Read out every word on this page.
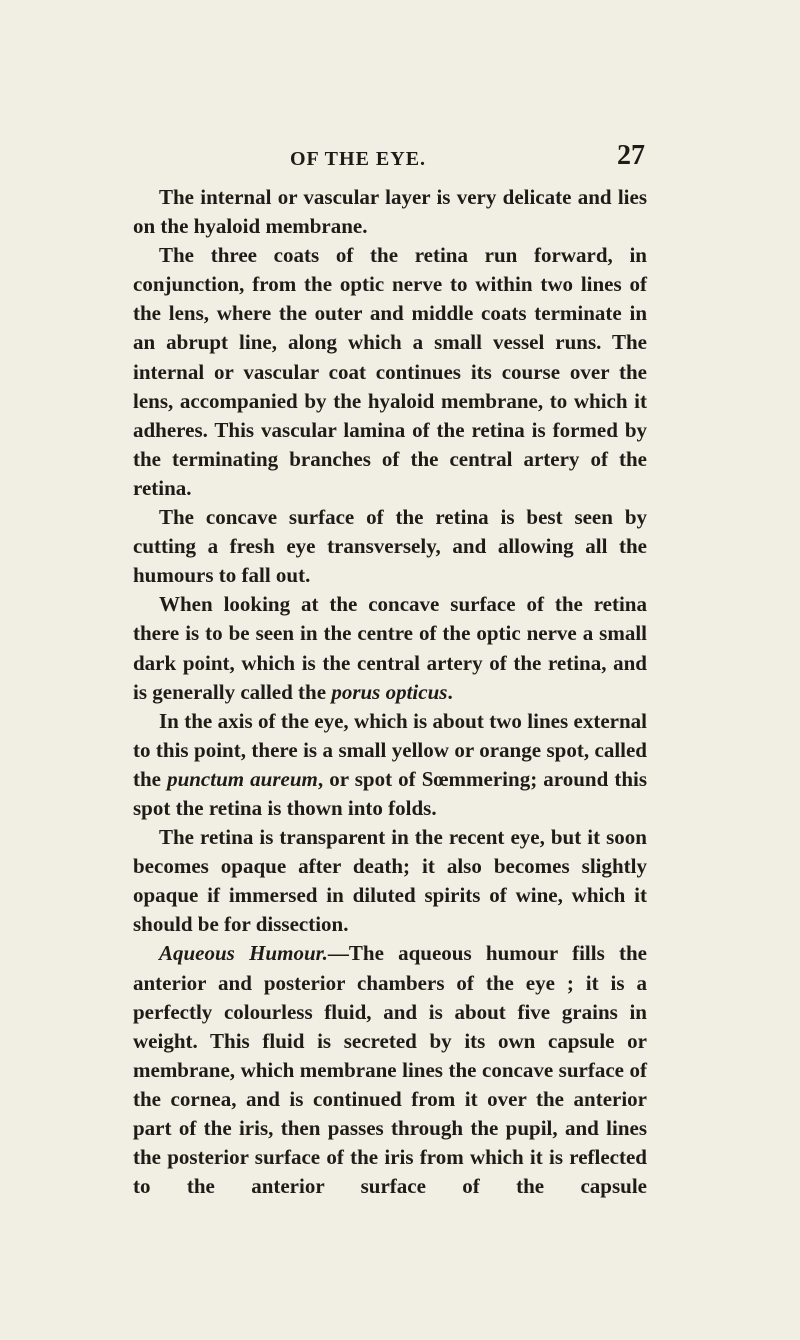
OF THE EYE.	27

The internal or vascular layer is very delicate and lies on the hyaloid membrane.

The three coats of the retina run forward, in conjunction, from the optic nerve to within two lines of the lens, where the outer and middle coats terminate in an abrupt line, along which a small vessel runs. The internal or vascular coat continues its course over the lens, accompanied by the hyaloid membrane, to which it adheres. This vascular lamina of the retina is formed by the terminating branches of the central artery of the retina.

The concave surface of the retina is best seen by cutting a fresh eye transversely, and allowing all the humours to fall out.

When looking at the concave surface of the retina there is to be seen in the centre of the optic nerve a small dark point, which is the central artery of the retina, and is generally called the porus opticus.

In the axis of the eye, which is about two lines external to this point, there is a small yellow or orange spot, called the punctum aureum, or spot of Sœmmering; around this spot the retina is thown into folds.

The retina is transparent in the recent eye, but it soon becomes opaque after death; it also becomes slightly opaque if immersed in diluted spirits of wine, which it should be for dissection.

Aqueous Humour.—The aqueous humour fills the anterior and posterior chambers of the eye ; it is a perfectly colourless fluid, and is about five grains in weight. This fluid is secreted by its own capsule or membrane, which membrane lines the concave surface of the cornea, and is continued from it over the anterior part of the iris, then passes through the pupil, and lines the posterior surface of the iris from which it is reflected to the anterior surface of the capsule
